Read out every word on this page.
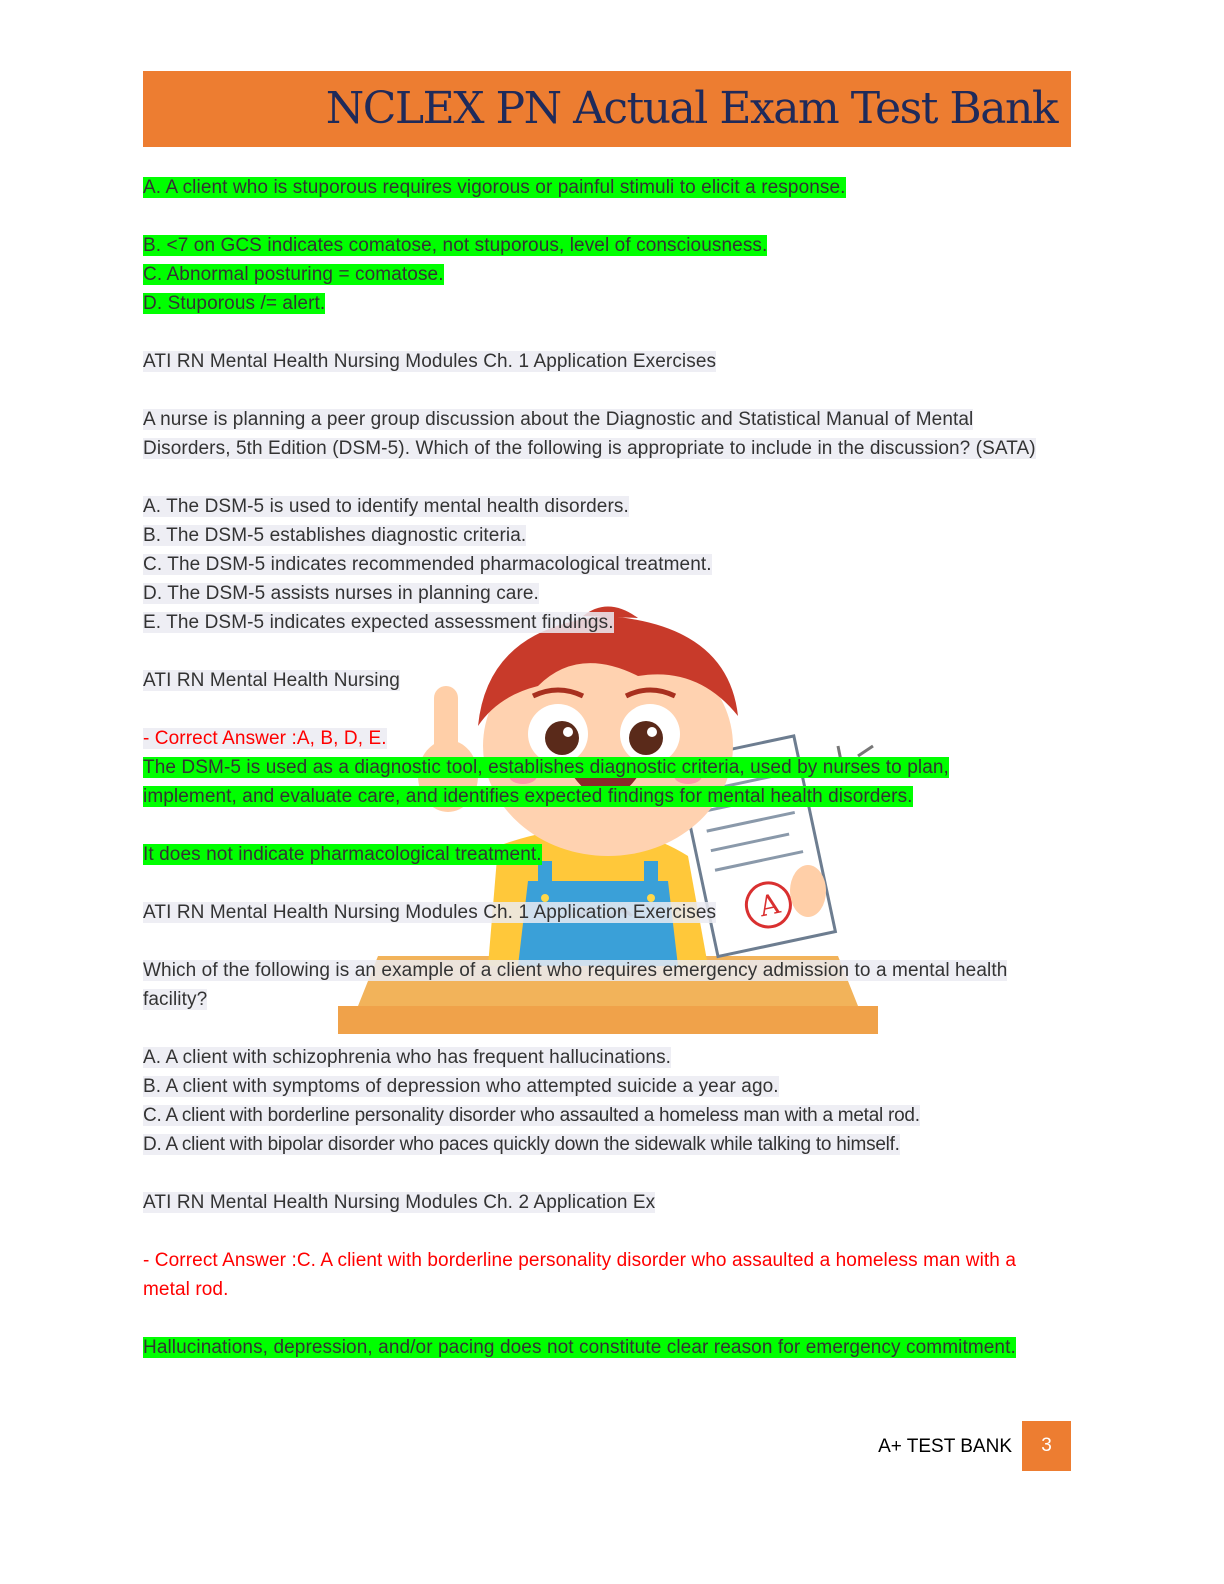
NCLEX PN Actual Exam Test Bank
A

A. A client who is stuporous requires vigorous or painful stimuli to elicit a response.

B. <7 on GCS indicates comatose, not stuporous, level of consciousness.

C. Abnormal posturing = comatose.

D. Stuporous /= alert.

ATI RN Mental Health Nursing Modules Ch. 1 Application Exercises

A nurse is planning a peer group discussion about the Diagnostic and Statistical Manual of Mental Disorders, 5th Edition (DSM-5). Which of the following is appropriate to include in the discussion? (SATA)

A. The DSM-5 is used to identify mental health disorders.

B. The DSM-5 establishes diagnostic criteria.

C. The DSM-5 indicates recommended pharmacological treatment.

D. The DSM-5 assists nurses in planning care.

E. The DSM-5 indicates expected assessment findings.

ATI RN Mental Health Nursing

- Correct Answer :A, B, D, E.

The DSM-5 is used as a diagnostic tool, establishes diagnostic criteria, used by nurses to plan, implement, and evaluate care, and identifies expected findings for mental health disorders.

It does not indicate pharmacological treatment.

ATI RN Mental Health Nursing Modules Ch. 1 Application Exercises

Which of the following is an example of a client who requires emergency admission to a mental health facility?

A. A client with schizophrenia who has frequent hallucinations.

B. A client with symptoms of depression who attempted suicide a year ago.

C. A client with borderline personality disorder who assaulted a homeless man with a metal rod.

D. A client with bipolar disorder who paces quickly down the sidewalk while talking to himself.

ATI RN Mental Health Nursing Modules Ch. 2 Application Ex

- Correct Answer :C. A client with borderline personality disorder who assaulted a homeless man with a metal rod.

Hallucinations, depression, and/or pacing does not constitute clear reason for emergency commitment.

A+ TEST BANK	3
